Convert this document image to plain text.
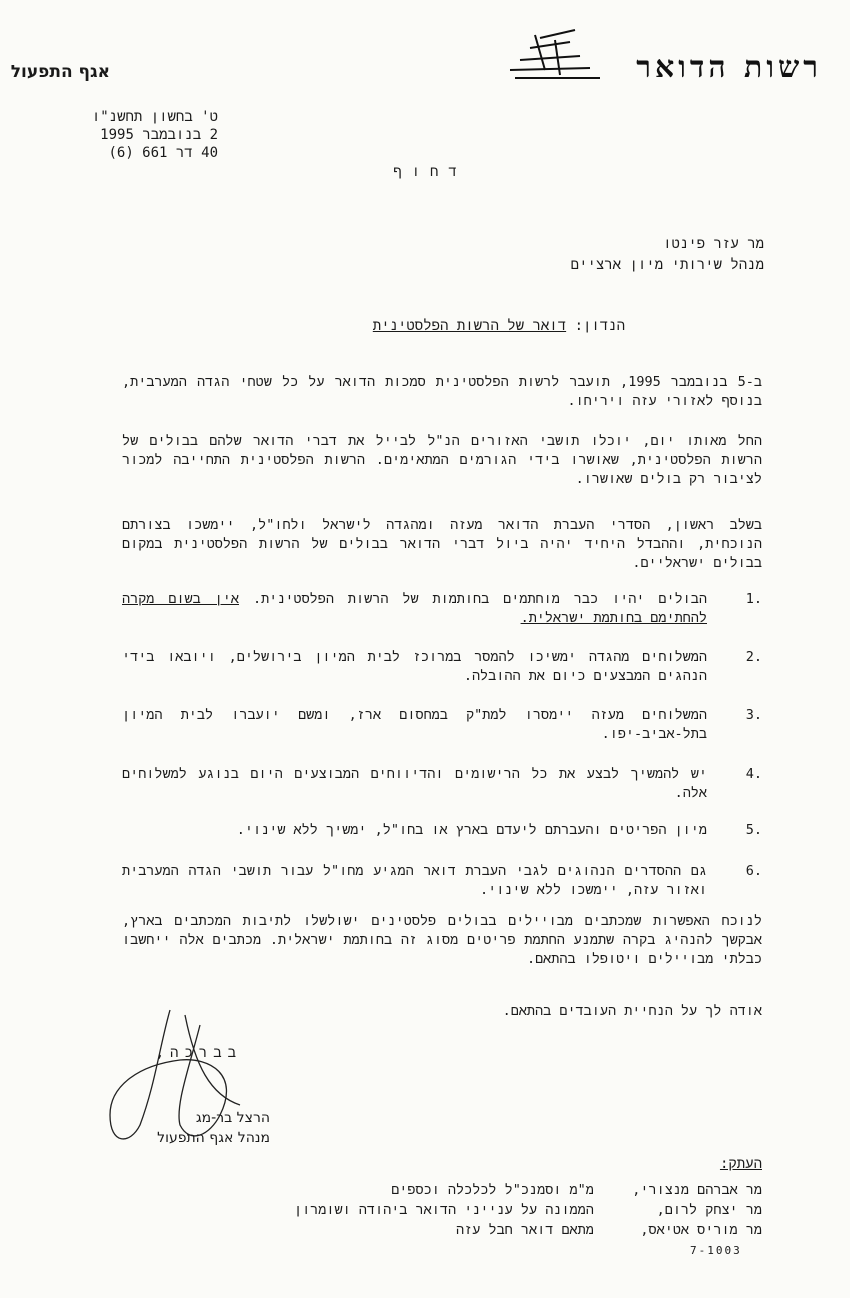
אגף התפעול	רשות הדואר
ט' בחשון תחשנ"ו
2 בנובמבר 1995
40 דר 661 (6)
דחוף
מר עזר פינטו
מנהל שירותי מיון ארציים
הנדון: דואר של הרשות הפלסטינית
ב-5 בנובמבר 1995, תועבר לרשות הפלסטינית סמכות הדואר על כל שטחי הגדה המערבית, בנוסף לאזורי עזה ויריחו.
החל מאותו יום, יוכלו תושבי האזורים הנ"ל לבייל את דברי הדואר שלהם בבולים של הרשות הפלסטינית, שאושרו בידי הגורמים המתאימים. הרשות הפלסטינית התחייבה למכור לציבור רק בולים שאושרו.
בשלב ראשון, הסדרי העברת הדואר מעזה ומהגדה לישראל ולחו"ל, יימשכו בצורתם הנוכחית, וההבדל היחיד יהיה ביול דברי הדואר בבולים של הרשות הפלסטינית במקום בבולים ישראליים.
.1
הבולים יהיו כבר מוחתמים בחותמות של הרשות הפלסטינית. אין בשום מקרה להחתימם בחותמת ישראלית.
.2
המשלוחים מהגדה ימשיכו להמסר במרוכז לבית המיון בירושלים, ויובאו בידי הנהגים המבצעים כיום את ההובלה.
.3
המשלוחים מעזה יימסרו למת"ק במחסום ארז, ומשם יועברו לבית המיון בתל-אביב-יפו.
.4
יש להמשיך לבצע את כל הרישומים והדיווחים המבוצעים היום בנוגע למשלוחים אלה.
.5
מיון הפריטים והעברתם ליעדם בארץ או בחו"ל, ימשיך ללא שינוי.
.6
גם ההסדרים הנהוגים לגבי העברת דואר המגיע מחו"ל עבור תושבי הגדה המערבית ואזור עזה, יימשכו ללא שינוי.
לנוכח האפשרות שמכתבים מבויילים בבולים פלסטינים ישולשלו לתיבות המכתבים בארץ, אבקשך להנהיג בקרה שתמנע החתמת פריטים מסוג זה בחותמת ישראלית. מכתבים אלה ייחשבו כבלתי מבויילים ויטופלו בהתאם.
אודה לך על הנחיית העובדים בהתאם.
בברכה,
הרצל בר-מג
מנהל אגף התפעול
העתק:
מר אברהם מנצורי, מ"מ וסמנכ"ל לכלכלה וכספים
מר יצחק לרום, הממונה על ענייני הדואר ביהודה ושומרון
מר מוריס אטיאס, מתאם דואר חבל עזה
7-1003
